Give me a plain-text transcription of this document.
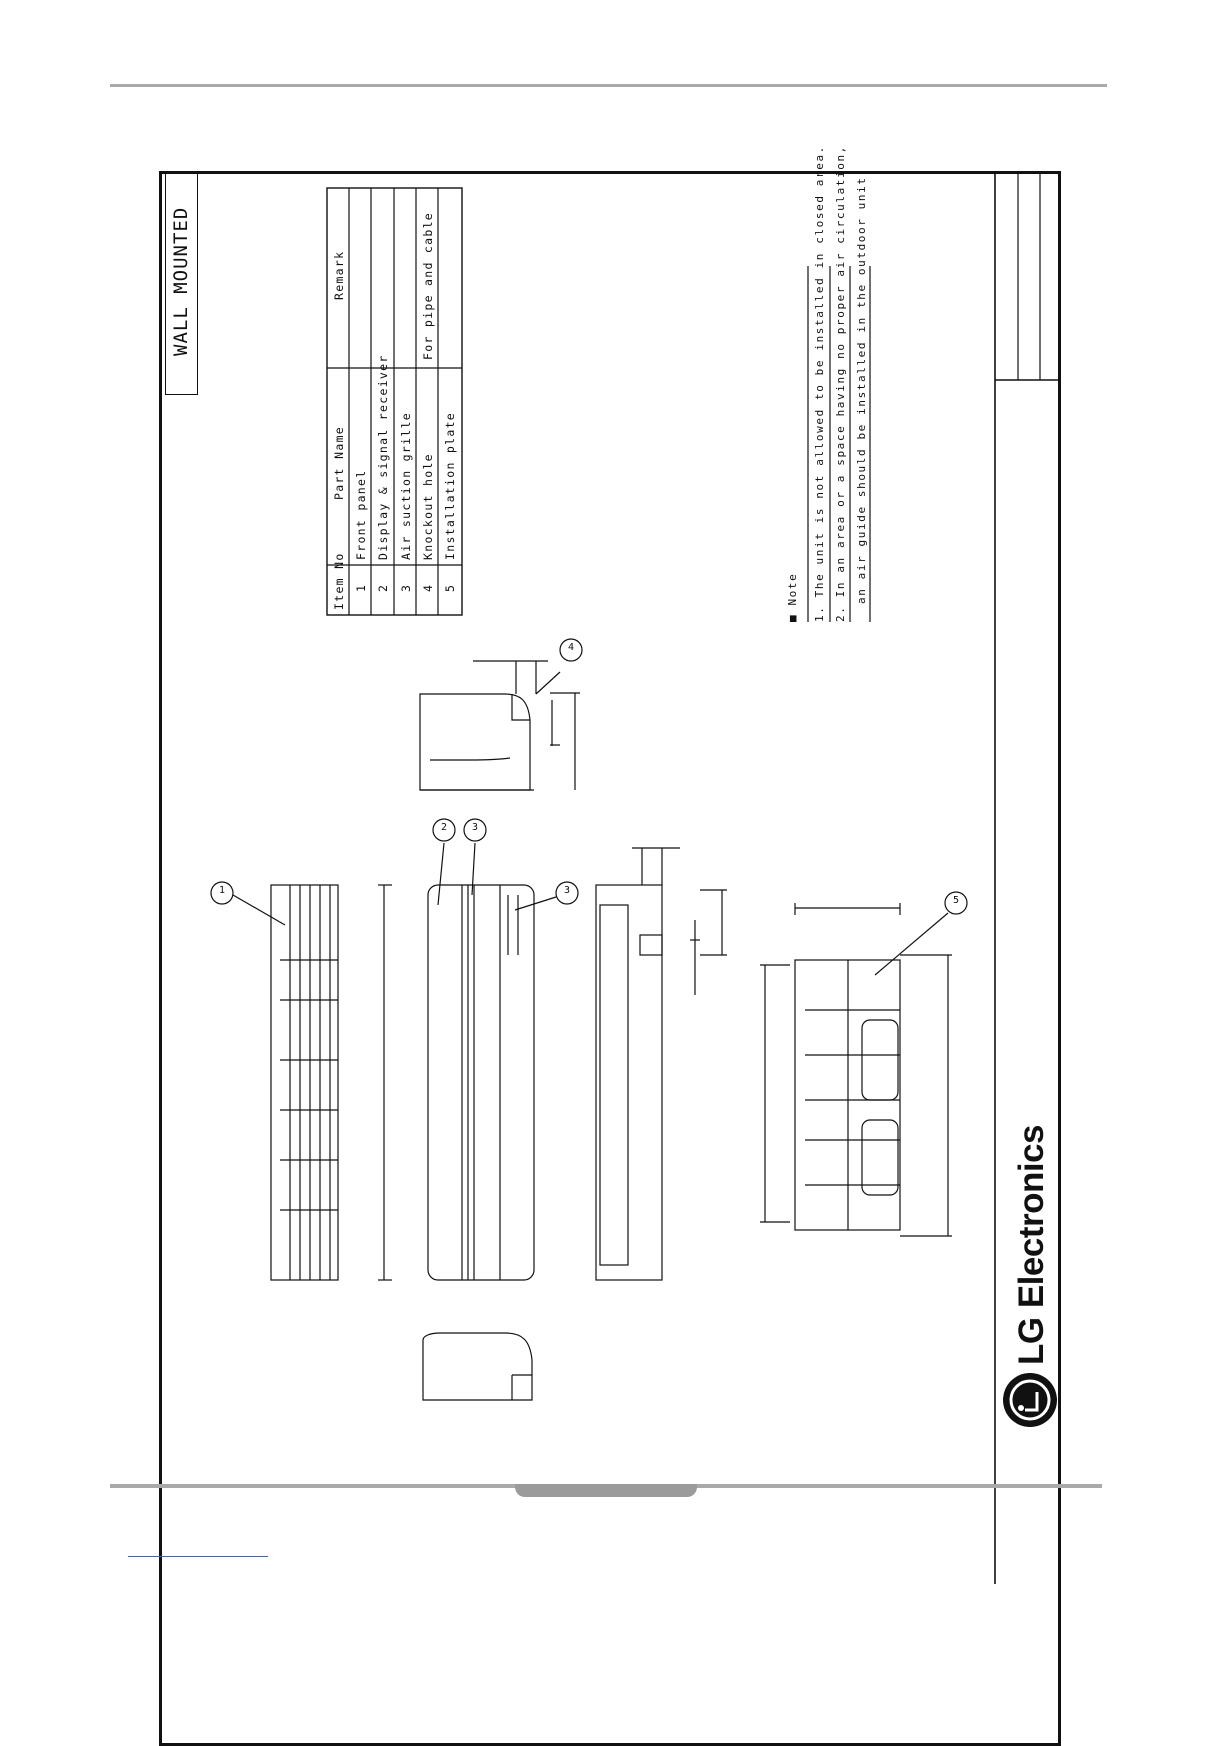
WALL MOUNTED
1
2	3
3
4
5
Item No
Part Name
Remark
1
Front panel
2
Display & signal receiver
3
Air suction grille
4
Knockout hole
For pipe and cable
5
Installation plate
■ Note 1. The unit is not allowed to be installed in closed area. 2. In an area or a space having no proper air circulation, an air guide should be installed in the outdoor unit.
LG Electronics
